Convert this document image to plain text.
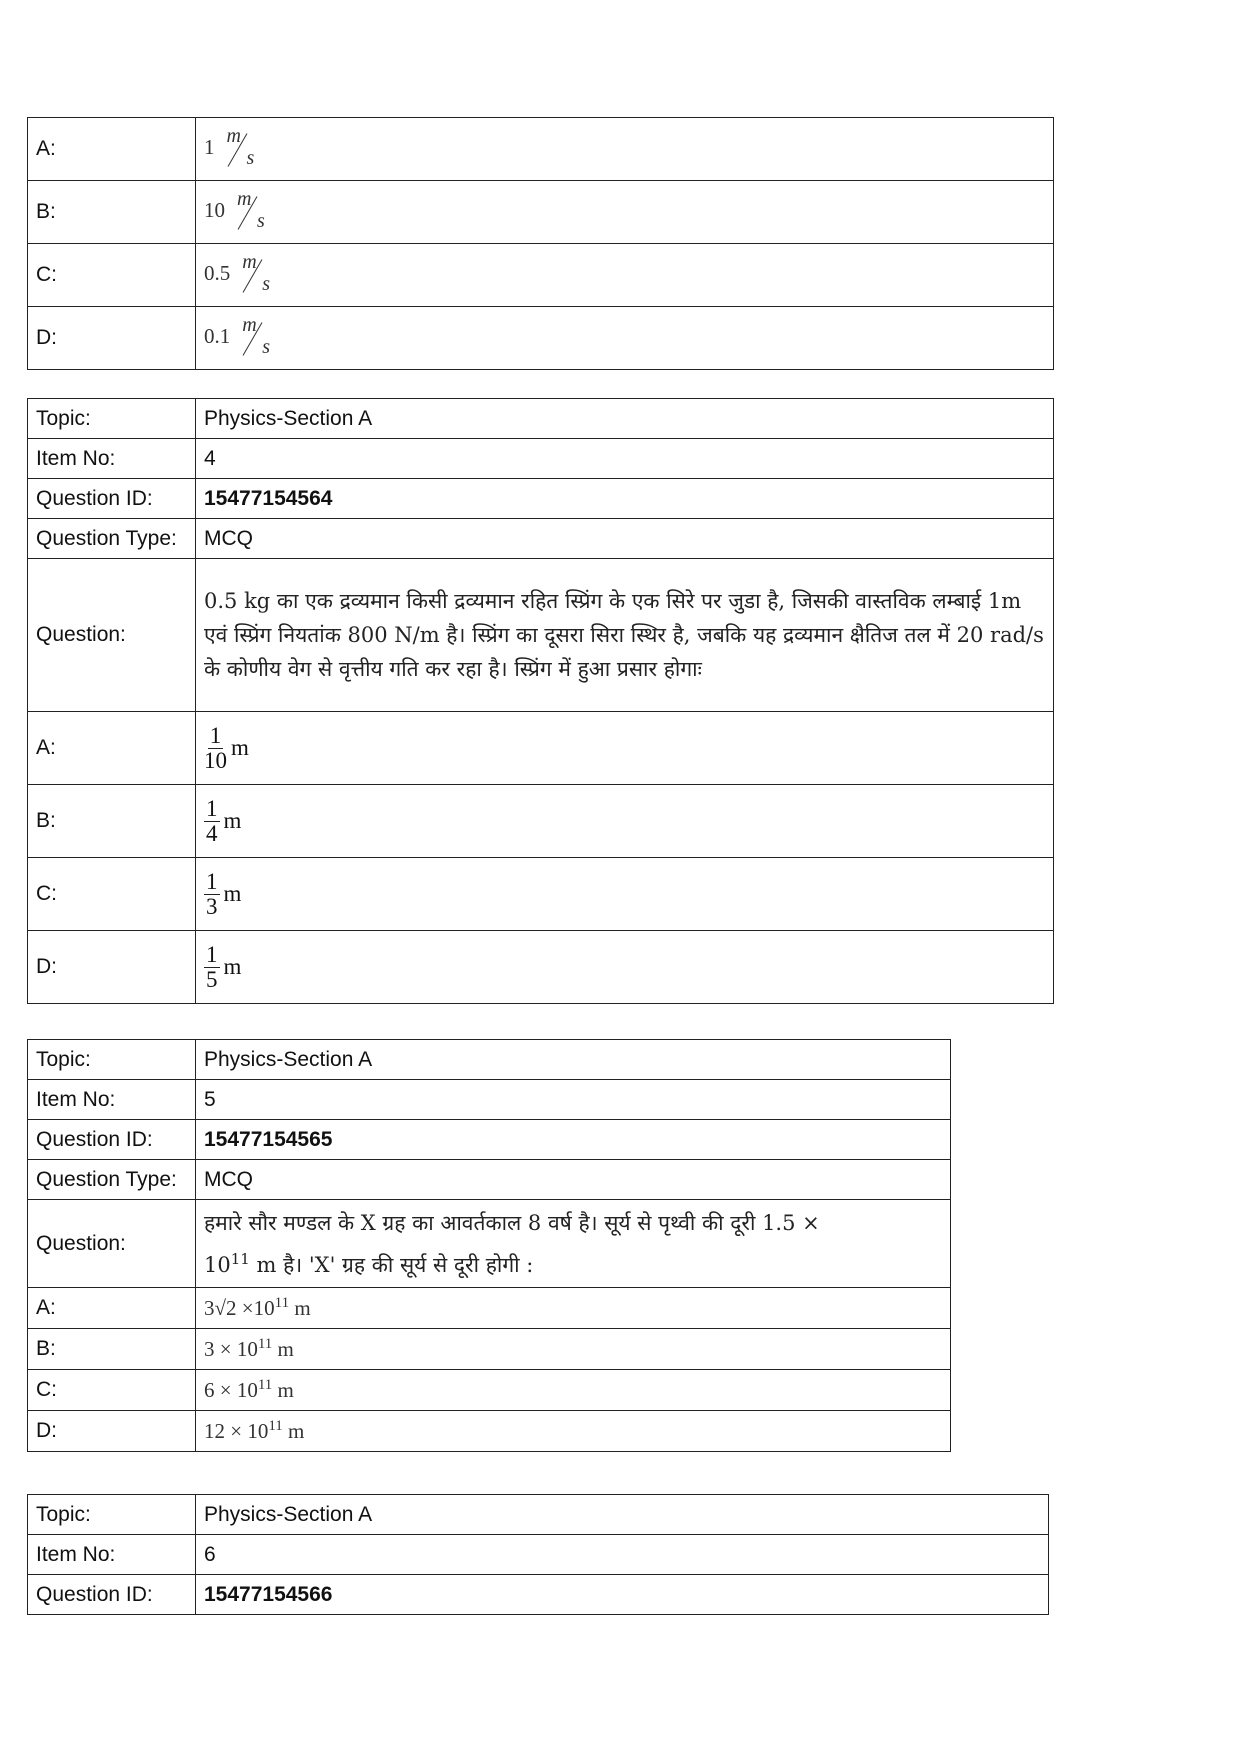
A:	1 m
s

B:	10 m
s

C:	0.5 m
s

D:	0.1 m
s
Topic:	Physics-Section A
Item No:	4
Question ID:	15477154564
Question Type:	MCQ
Question:	0.5 kg का एक द्रव्यमान किसी द्रव्यमान रहित स्प्रिंग के एक सिरे पर जुडा है, जिसकी वास्तविक लम्बाई 1m एवं स्प्रिंग नियतांक 800 N/m है। स्प्रिंग का दूसरा सिरा स्थिर है, जबकि यह द्रव्यमान क्षैतिज तल में 20 rad/s के कोणीय वेग से वृत्तीय गति कर रहा है। स्प्रिंग में हुआ प्रसार होगाः
A:	$\frac{1}{10}$ m

B:	$\frac{1}{4}$ m

C:	$\frac{1}{3}$ m

D:	$\frac{1}{5}$ m
Topic:	Physics-Section A
Item No:	5
Question ID:	15477154565
Question Type:	MCQ
Question:	हमारे सौर मण्डल के X ग्रह का आवर्तकाल 8 वर्ष है। सूर्य से पृथ्वी की दूरी 1.5 ×
$10^{11}$ m है। 'X' ग्रह की सूर्य से दूरी होगी :

A:	$3√2 \times 10^{11}$ m
B:	$3 \times 10^{11}$ m
C:	$6 \times 10^{11}$ m
D:	$12 \times 10^{11}$ m
Topic:	Physics-Section A
Item No:	6
Question ID:	15477154566
